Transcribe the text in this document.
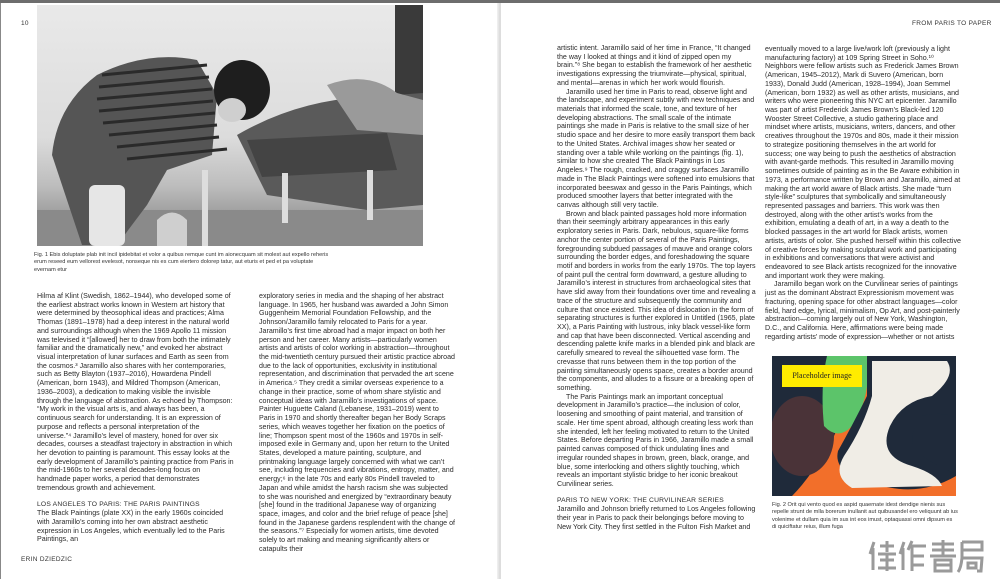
10
Fig. 1 Ebis doluptate plab init incil ipidebitat et volor a quibus remque cunt im aionecquam sit molest aut expello reheris erum reseed eum vellorest evelesot, nonseque nis es cum eiertero dolorep tatur, aut eturis et ped et pa voluptate evernam etur

Hilma af Klint (Swedish, 1862–1944), who developed some of the earliest abstract works known in Western art history that were determined by theosophical ideas and practices; Alma Thomas (1891–1978) had a deep interest in the natural world and surroundings although when the 1969 Apollo 11 mission was televised it “[allowed] her to draw from both the intimately familiar and the dramatically new,” and evoked her abstract visual interpretation of lunar surfaces and Earth as seen from the cosmos.³ Jaramillo also shares with her contemporaries, such as Betty Blayton (1937–2016), Howardena Pindell (American, born 1943), and Mildred Thompson (American, 1936–2003), a dedication to making visible the invisible through the language of abstraction. As echoed by Thompson: “My work in the visual arts is, and always has been, a continuous search for understanding. It is an expression of purpose and reflects a personal interpretation of the universe.”⁴ Jaramillo’s level of mastery, honed for over six decades, courses a steadfast trajectory in abstraction in which her devotion to painting is paramount. This essay looks at the early development of Jaramillo’s painting practice from Paris in the mid-1960s to her several decades-long focus on handmade paper works, a period that demonstrates tremendous growth and achievement.

LOS ANGELES TO PARIS: THE PARIS PAINTINGS

The Black Paintings (plate XX) in the early 1960s coincided with Jaramillo’s coming into her own abstract aesthetic expression in Los Angeles, which eventually led to the Paris Paintings, an

exploratory series in media and the shaping of her abstract language. In 1965, her husband was awarded a John Simon Guggenheim Memorial Foundation Fellowship, and the Johnson/Jaramillo family relocated to Paris for a year. Jaramillo’s first time abroad had a major impact on both her person and her career. Many artists—particularly women artists and artists of color working in abstraction—throughout the mid-twentieth century pursued their artistic practice abroad due to the lack of opportunities, exclusivity in institutional representation, and discrimination that pervaded the art scene in America.⁵ They credit a similar overseas experience to a change in their practice, some of whom share stylistic and conceptual ideas with Jaramillo’s investigations of space. Painter Huguette Caland (Lebanese, 1931–2019) went to Paris in 1970 and shortly thereafter began her Body Scraps series, which weaves together her fixation on the poetics of line; Thompson spent most of the 1960s and 1970s in self-imposed exile in Germany and, upon her return to the United States, developed a mature painting, sculpture, and printmaking language largely concerned with what we can’t see, including frequencies and vibrations, entropy, matter, and energy;⁶ in the late 70s and early 80s Pindell traveled to Japan and while amidst the harsh racism she was subjected to she was nourished and energized by “extraordinary beauty [she] found in the traditional Japanese way of organizing space, images, and color and the brief refuge of peace [she] found in the Japanese gardens resplendent with the change of the seasons.”⁷ Especially for women artists, time devoted solely to art making and meaning significantly alters or catapults their

ERIN DZIEDZIC
FROM PARIS TO PAPER

artistic intent. Jaramillo said of her time in France, “It changed the way I looked at things and it kind of zipped open my brain.”⁸ She began to establish the framework of her aesthetic investigations expressing the triumvirate—physical, spiritual, and mental—arenas in which her work would flourish.

Jaramillo used her time in Paris to read, observe light and the landscape, and experiment subtly with new techniques and materials that informed the scale, tone, and texture of her developing abstractions. The small scale of the intimate paintings she made in Paris is relative to the small size of her studio space and her desire to more easily transport them back to the United States. Archival images show her seated or standing over a table while working on the paintings (fig. 1), similar to how she created The Black Paintings in Los Angeles.⁹ The rough, cracked, and craggy surfaces Jaramillo made in The Black Paintings were softened into emulsions that incorporated beeswax and gesso in the Paris Paintings, which produced smoother layers that better integrated with the canvas although still very tactile.

Brown and black painted passages hold more information than their seemingly arbitrary appearances in this early exploratory series in Paris. Dark, nebulous, square-like forms anchor the center portion of several of the Paris Paintings, foregrounding subdued passages of mauve and orange colors surrounding the border edges, and foreshadowing the square motif and borders in works from the early 1970s. The top layers of paint pull the central form downward, a gesture alluding to Jaramillo’s interest in structures from archaeological sites that have slid away from their foundations over time and revealing a trace of the structure and subsequently the community and culture that once existed. This idea of dislocation in the form of separating structures is further explored in Untitled (1965, plate XX), a Paris Painting with lustrous, inky black vessel-like form and cap that have been disconnected. Vertical ascending and descending palette knife marks in a blended pink and black are carefully smeared to reveal the silhouetted vase form. The crevasse that runs between them in the top portion of the painting simultaneously opens space, creates a border around the components, and alludes to a fissure or a breaking open of something.

The Paris Paintings mark an important conceptual development in Jaramillo’s practice—the inclusion of color, loosening and smoothing of paint material, and transition of scale. Her time spent abroad, although creating less work than she intended, left her feeling motivated to return to the United States. Before departing Paris in 1966, Jaramillo made a small painted canvas composed of thick undulating lines and irregular rounded shapes in brown, green, black, orange, and blue, some interlocking and others slightly touching, which reveals an important stylistic bridge to her iconic breakout Curvilinear series.

PARIS TO NEW YORK: THE CURVILINEAR SERIES

Jaramillo and Johnson briefly returned to Los Angeles following their year in Paris to pack their belongings before moving to New York City. They first settled in the Fulton Fish Market and

eventually moved to a large live/work loft (previously a light manufacturing factory) at 109 Spring Street in Soho.¹⁰ Neighbors were fellow artists such as Frederick James Brown (American, 1945–2012), Mark di Suvero (American, born 1933), Donald Judd (American, 1928–1994), Joan Semmel (American, born 1932) as well as other artists, musicians, and writers who were pioneering this NYC art epicenter. Jaramillo was part of artist Frederick James Brown’s Black-led 120 Wooster Street Collective, a studio gathering place and mindset where artists, musicians, writers, dancers, and other creatives throughout the 1970s and 80s, made it their mission to strategize positioning themselves in the art world for success; one way being to push the aesthetics of abstraction with avant-garde methods. This resulted in Jaramillo moving sometimes outside of painting as in the Be Aware exhibition in 1973, a performance written by Brown and Jaramillo, aimed at making the art world aware of Black artists. She made “turn style-like” sculptures that symbolically and simultaneously represented passages and barriers. This work was then destroyed, along with the other artist’s works from the exhibition, emulating a death of art, in a way a death to the blocked passages in the art world for Black artists, women artists, artists of color. She pushed herself within this collective of creative forces by making sculptural work and participating in exhibitions and conversations that were activist and endeavored to see Black artists recognized for the innovative and important work they were making.

Jaramillo began work on the Curvilinear series of paintings just as the dominant Abstract Expressionism movement was fracturing, opening space for other abstract languages—color field, hard edge, lyrical, minimalism, Op Art, and post-painterly abstraction—coming largely out of New York, Washington, D.C., and California. Here, affirmations were being made regarding artists’ mode of expression—whether or not artists

Placeholder image
Fig. 2 Orit qui vento quod es aspid quaernate idest dendige nienis sus repelle strunt de mlla borerum inullanit aut quibusandel ero veliquunt ab ius volenime et dullam quia im sus int eos imust, optaquassi omni dipsum es di quiciftatur reius, illum fuga
